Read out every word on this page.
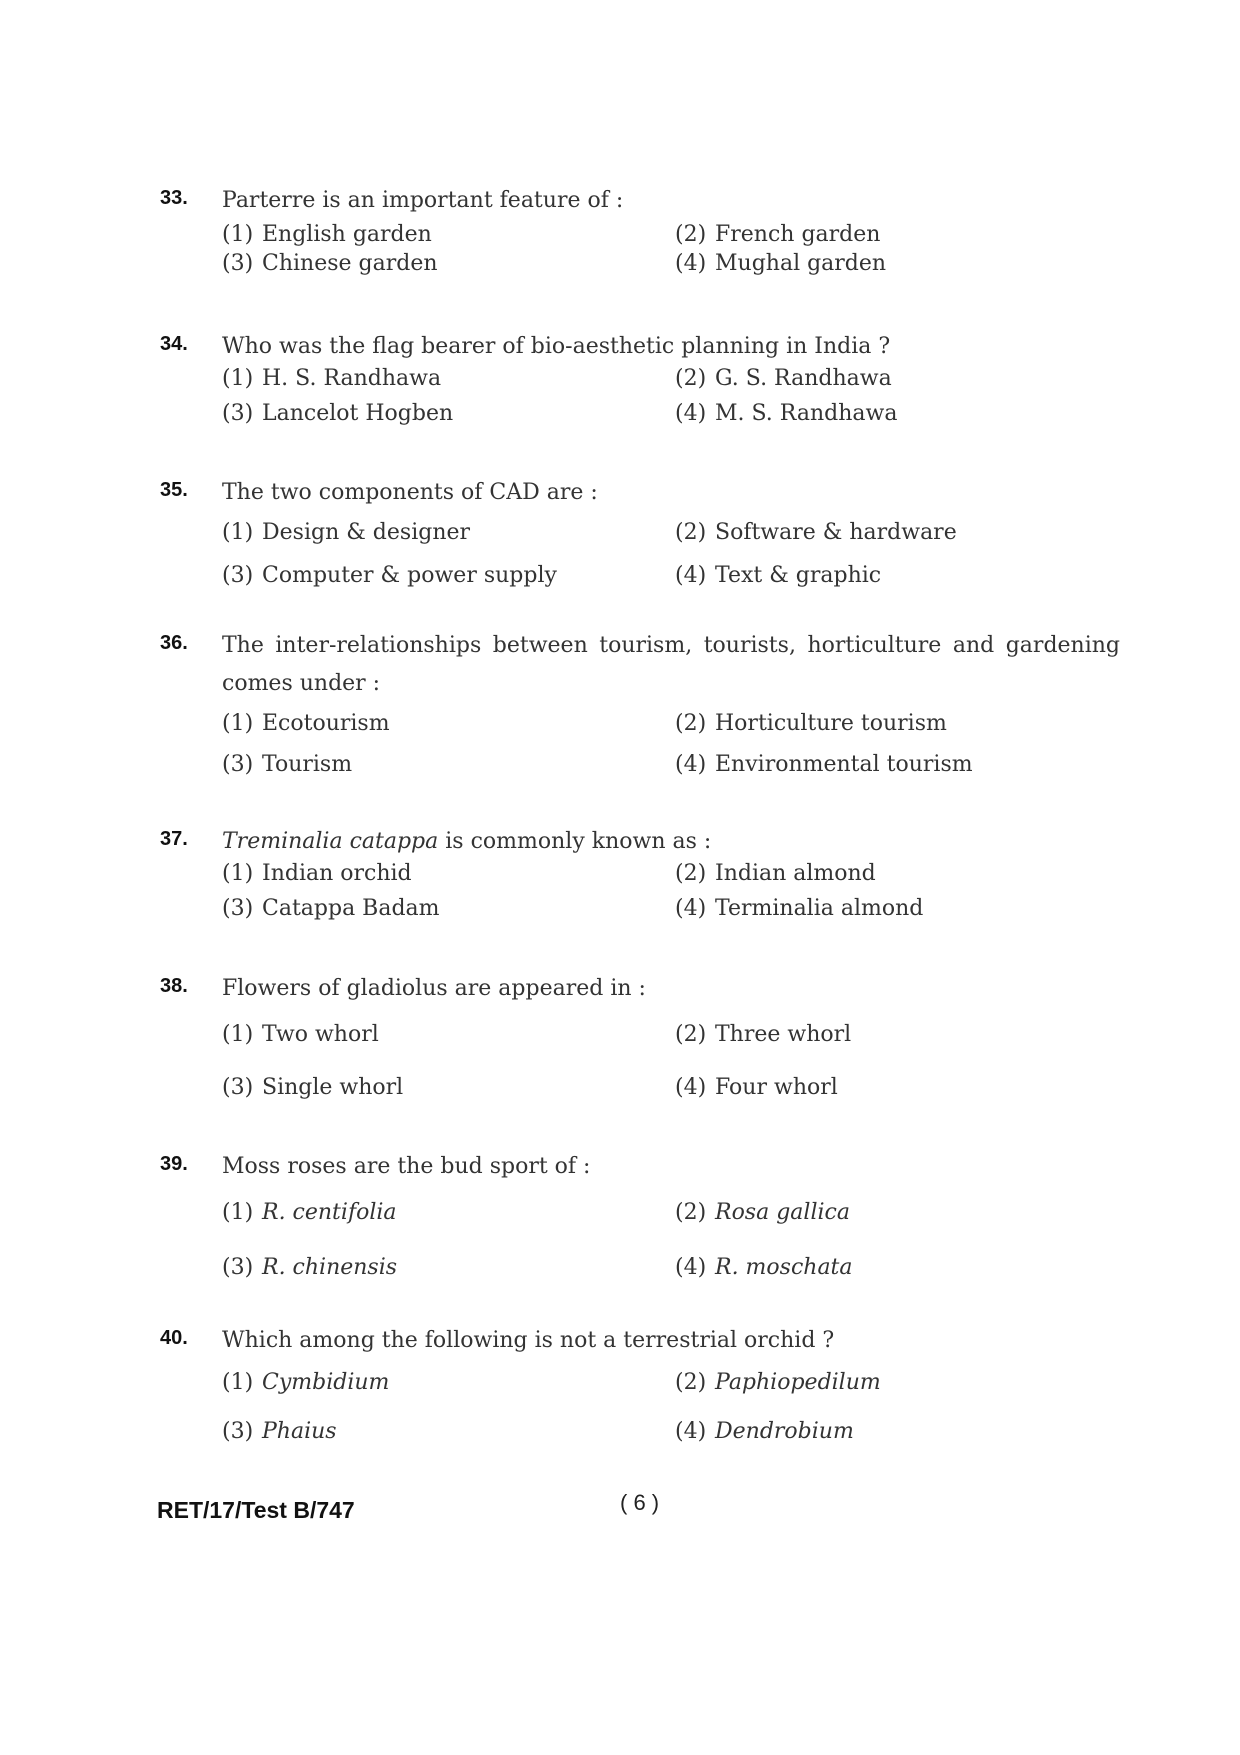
33.	Parterre is an important feature of :
(1) English garden	(2) French garden
(3) Chinese garden	(4) Mughal garden
34.	Who was the flag bearer of bio-aesthetic planning in India ?
(1) H. S. Randhawa	(2) G. S. Randhawa
(3) Lancelot Hogben	(4) M. S. Randhawa
35.	The two components of CAD are :
(1) Design & designer	(2) Software & hardware
(3) Computer & power supply	(4) Text & graphic
36.	The inter-relationships between tourism, tourists, horticulture and gardening comes under :
(1) Ecotourism	(2) Horticulture tourism
(3) Tourism	(4) Environmental tourism
37.	Treminalia catappa is commonly known as :
(1) Indian orchid	(2) Indian almond
(3) Catappa Badam	(4) Terminalia almond
38.	Flowers of gladiolus are appeared in :
(1) Two whorl	(2) Three whorl
(3) Single whorl	(4) Four whorl
39.	Moss roses are the bud sport of :
(1) R. centifolia	(2) Rosa gallica
(3) R. chinensis	(4) R. moschata
40.	Which among the following is not a terrestrial orchid ?
(1) Cymbidium	(2) Paphiopedilum
(3) Phaius	(4) Dendrobium
RET/17/Test B/747	( 6 )
